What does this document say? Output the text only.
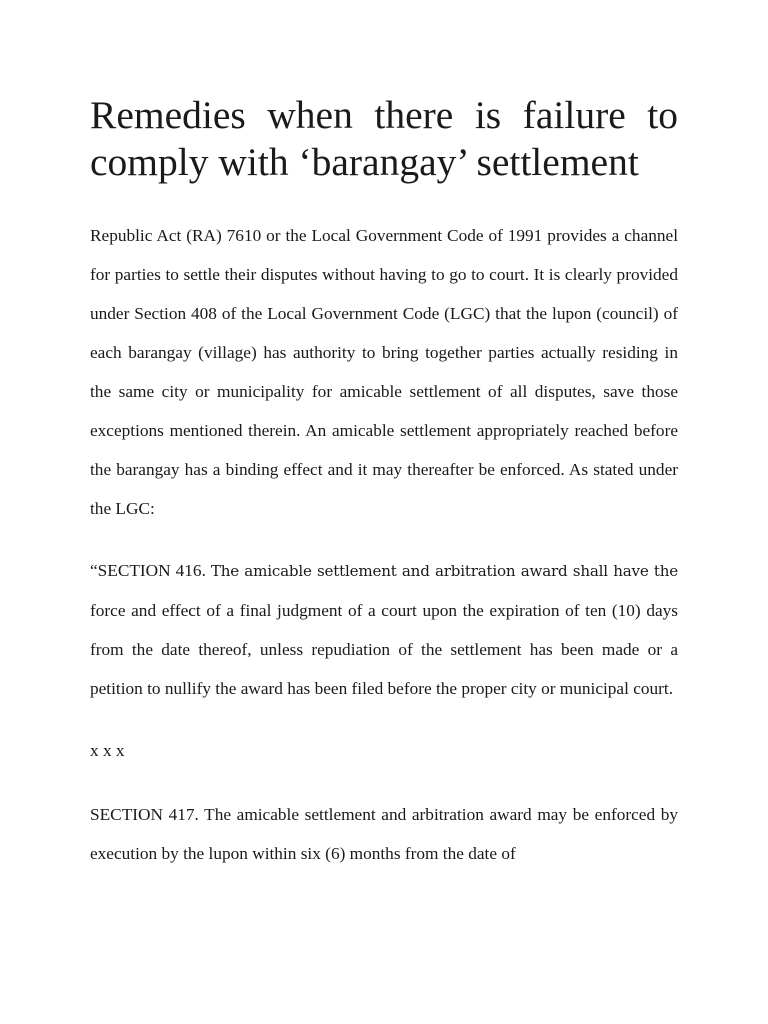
Remedies when there is failure to comply with ‘barangay’ settlement

Republic Act (RA) 7610 or the Local Government Code of 1991 provides a channel for parties to settle their disputes without having to go to court. It is clearly provided under Section 408 of the Local Government Code (LGC) that the lupon (council) of each barangay (village) has authority to bring together parties actually residing in the same city or municipality for amicable settlement of all disputes, save those exceptions mentioned therein. An amicable settlement appropriately reached before the barangay has a binding effect and it may thereafter be enforced. As stated under the LGC:

“SECTION 416. The amicable settlement and arbitration award shall have the force and effect of a final judgment of a court upon the expiration of ten (10) days from the date thereof, unless repudiation of the settlement has been made or a petition to nullify the award has been filed before the proper city or municipal court.

x x x

SECTION 417. The amicable settlement and arbitration award may be enforced by execution by the lupon within six (6) months from the date of
